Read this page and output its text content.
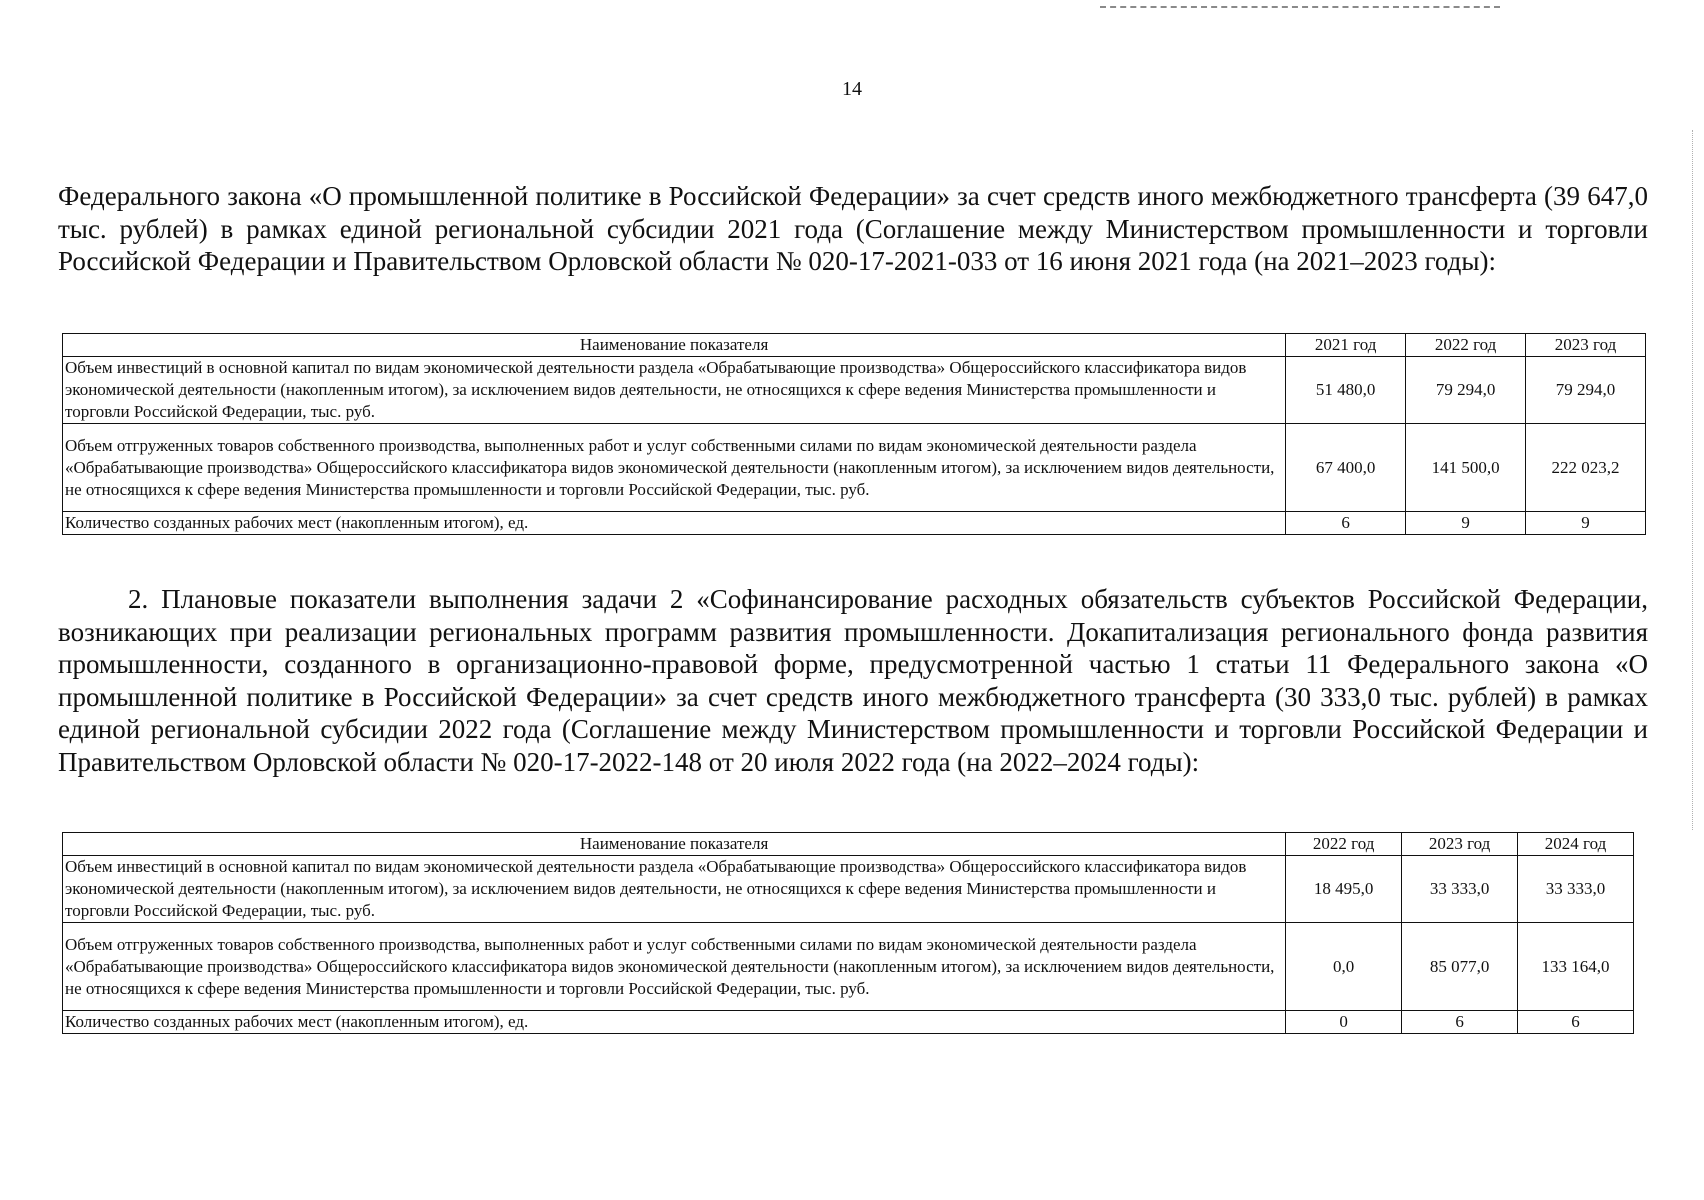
14

Федерального закона «О промышленной политике в Российской Федерации» за счет средств иного межбюджетного трансферта (39 647,0 тыс. рублей) в рамках единой региональной субсидии 2021 года (Соглашение между Министерством промышленности и торговли Российской Федерации и Правительством Орловской области № 020-17-2021-033 от 16 июня 2021 года (на 2021–2023 годы):

Наименование показателя	2021 год	2022 год	2023 год
Объем инвестиций в основной капитал по видам экономической деятельности раздела «Обрабатывающие производства» Общероссийского классификатора видов экономической деятельности (накопленным итогом), за исключением видов деятельности, не относящихся к сфере ведения Министерства промышленности и торговли Российской Федерации, тыс. руб.	51 480,0	79 294,0	79 294,0
Объем отгруженных товаров собственного производства, выполненных работ и услуг собственными силами по видам экономической деятельности раздела «Обрабатывающие производства» Общероссийского классификатора видов экономической деятельности (накопленным итогом), за исключением видов деятельности, не относящихся к сфере ведения Министерства промышленности и торговли Российской Федерации, тыс. руб.	67 400,0	141 500,0	222 023,2
Количество созданных рабочих мест (накопленным итогом), ед.	6	9	9

2. Плановые показатели выполнения задачи 2 «Софинансирование расходных обязательств субъектов Российской Федерации, возникающих при реализации региональных программ развития промышленности. Докапитализация регионального фонда развития промышленности, созданного в организационно-правовой форме, предусмотренной частью 1 статьи 11 Федерального закона «О промышленной политике в Российской Федерации» за счет средств иного межбюджетного трансферта (30 333,0 тыс. рублей) в рамках единой региональной субсидии 2022 года (Соглашение между Министерством промышленности и торговли Российской Федерации и Правительством Орловской области № 020-17-2022-148 от 20 июля 2022 года (на 2022–2024 годы):

Наименование показателя	2022 год	2023 год	2024 год
Объем инвестиций в основной капитал по видам экономической деятельности раздела «Обрабатывающие производства» Общероссийского классификатора видов экономической деятельности (накопленным итогом), за исключением видов деятельности, не относящихся к сфере ведения Министерства промышленности и торговли Российской Федерации, тыс. руб.	18 495,0	33 333,0	33 333,0
Объем отгруженных товаров собственного производства, выполненных работ и услуг собственными силами по видам экономической деятельности раздела «Обрабатывающие производства» Общероссийского классификатора видов экономической деятельности (накопленным итогом), за исключением видов деятельности, не относящихся к сфере ведения Министерства промышленности и торговли Российской Федерации, тыс. руб.	0,0	85 077,0	133 164,0
Количество созданных рабочих мест (накопленным итогом), ед.	0	6	6
